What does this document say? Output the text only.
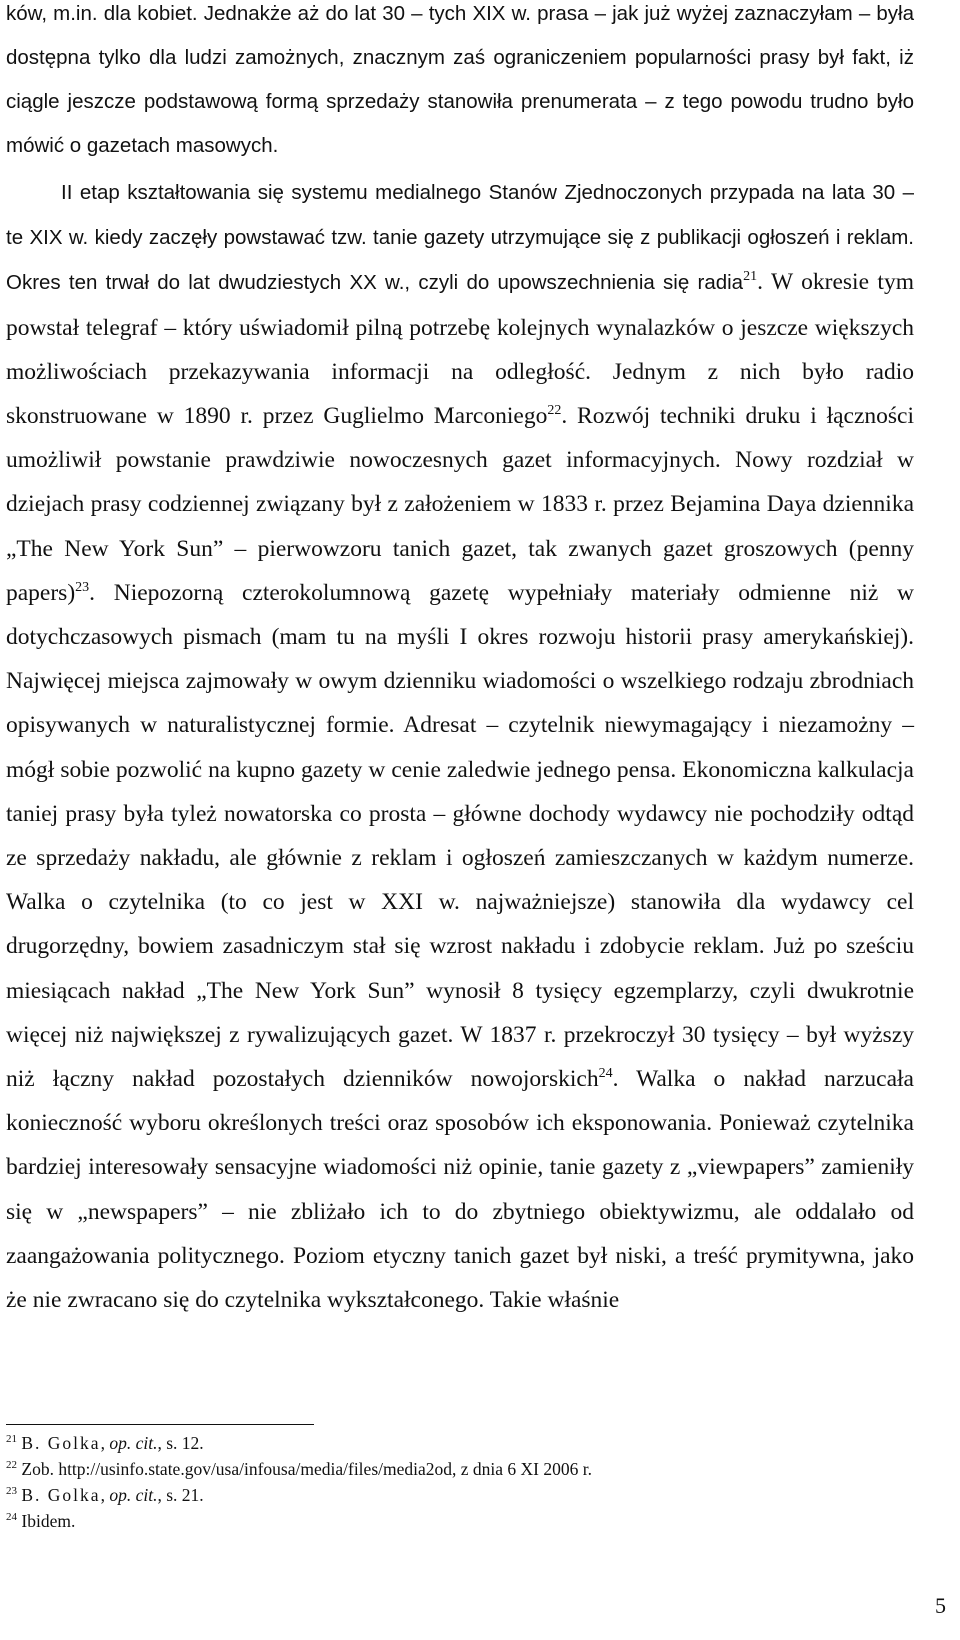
ków, m.in. dla kobiet. Jednakże aż do lat 30 – tych XIX w. prasa – jak już wyżej zaznaczyłam – była dostępna tylko dla ludzi zamożnych, znacznym zaś ograniczeniem popularności prasy był fakt, iż ciągle jeszcze podstawową formą sprzedaży stanowiła prenumerata – z tego powodu trudno było mówić o gazetach masowych.

II etap kształtowania się systemu medialnego Stanów Zjednoczonych przypada na lata 30 – te XIX w. kiedy zaczęły powstawać tzw. tanie gazety utrzymujące się z publikacji ogłoszeń i reklam. Okres ten trwał do lat dwudziestych XX w., czyli do upowszechnienia się radia$^{21}$. W okresie tym powstał telegraf – który uświadomił pilną potrzebę kolejnych wynalazków o jeszcze większych możliwościach przekazywania informacji na odległość. Jednym z nich było radio skonstruowane w 1890 r. przez Guglielmo Marconiego$^{22}$. Rozwój techniki druku i łączności umożliwił powstanie prawdziwie nowoczesnych gazet informacyjnych. Nowy rozdział w dziejach prasy codziennej związany był z założeniem w 1833 r. przez Bejamina Daya dziennika „The New York Sun” – pierwowzoru tanich gazet, tak zwanych gazet groszowych (penny papers)$^{23}$. Niepozorną czterokolumnową gazetę wypełniały materiały odmienne niż w dotychczasowych pismach (mam tu na myśli I okres rozwoju historii prasy amerykańskiej). Najwięcej miejsca zajmowały w owym dzienniku wiadomości o wszelkiego rodzaju zbrodniach opisywanych w naturalistycznej formie. Adresat – czytelnik niewymagający i niezamożny – mógł sobie pozwolić na kupno gazety w cenie zaledwie jednego pensa. Ekonomiczna kalkulacja taniej prasy była tyleż nowatorska co prosta – główne dochody wydawcy nie pochodziły odtąd ze sprzedaży nakładu, ale głównie z reklam i ogłoszeń zamieszczanych w każdym numerze. Walka o czytelnika (to co jest w XXI w. najważniejsze) stanowiła dla wydawcy cel drugorzędny, bowiem zasadniczym stał się wzrost nakładu i zdobycie reklam. Już po sześciu miesiącach nakład „The New York Sun” wynosił 8 tysięcy egzemplarzy, czyli dwukrotnie więcej niż największej z rywalizujących gazet. W 1837 r. przekroczył 30 tysięcy – był wyższy niż łączny nakład pozostałych dzienników nowojorskich$^{24}$. Walka o nakład narzucała konieczność wyboru określonych treści oraz sposobów ich eksponowania. Ponieważ czytelnika bardziej interesowały sensacyjne wiadomości niż opinie, tanie gazety z „viewpapers” zamieniły się w „newspapers” – nie zbliżało ich to do zbytniego obiektywizmu, ale oddalało od zaangażowania politycznego. Poziom etyczny tanich gazet był niski, a treść prymitywna, jako że nie zwracano się do czytelnika wykształconego. Takie właśnie

$^{21}$ B. Golka, op. cit., s. 12.
$^{22}$ Zob. http://usinfo.state.gov/usa/infousa/media/files/media2od, z dnia 6 XI 2006 r.
$^{23}$ B. Golka, op. cit., s. 21.
$^{24}$ Ibidem.
5
